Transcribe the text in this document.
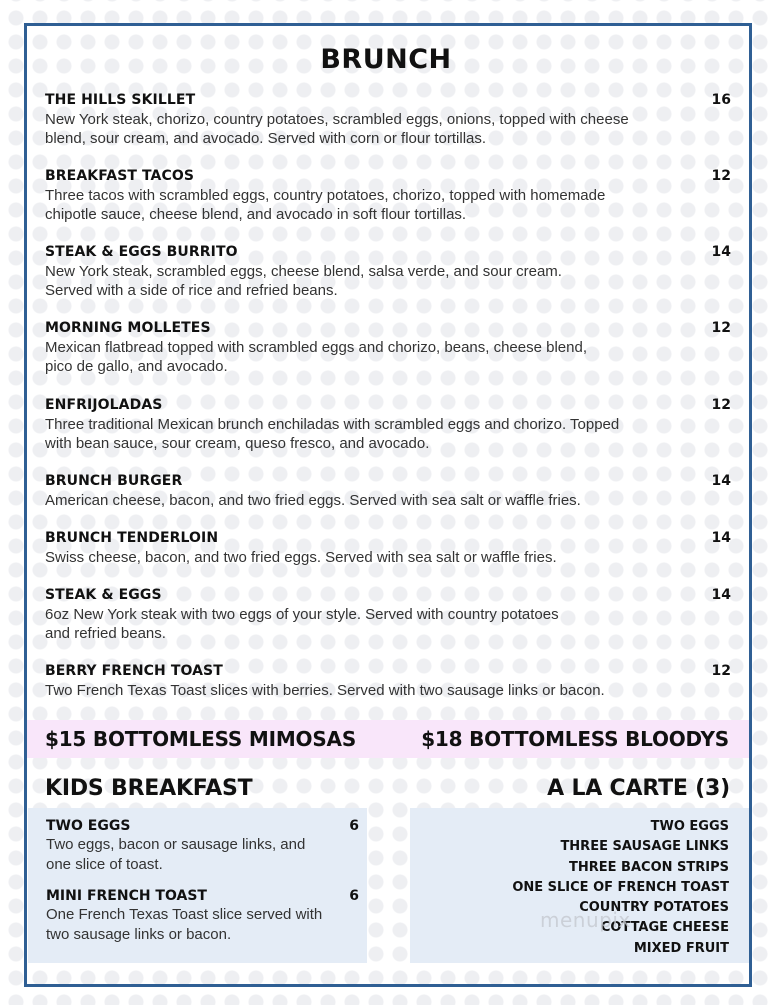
BRUNCH
THE HILLS SKILLET	16
New York steak, chorizo, country potatoes, scrambled eggs, onions, topped with cheese
blend, sour cream, and avocado. Served with corn or flour tortillas.
BREAKFAST TACOS	12
Three tacos with scrambled eggs, country potatoes, chorizo, topped with homemade
chipotle sauce, cheese blend, and avocado in soft flour tortillas.
STEAK & EGGS BURRITO	14
New York steak, scrambled eggs, cheese blend, salsa verde, and sour cream.
Served with a side of rice and refried beans.
MORNING MOLLETES	12
Mexican flatbread topped with scrambled eggs and chorizo, beans, cheese blend,
pico de gallo, and avocado.
ENFRIJOLADAS	12
Three traditional Mexican brunch enchiladas with scrambled eggs and chorizo. Topped
with bean sauce, sour cream, queso fresco, and avocado.
BRUNCH BURGER	14
American cheese, bacon, and two fried eggs. Served with sea salt or waffle fries.
BRUNCH TENDERLOIN	14
Swiss cheese, bacon, and two fried eggs. Served with sea salt or waffle fries.
STEAK & EGGS	14
6oz New York steak with two eggs of your style. Served with country potatoes
and refried beans.
BERRY FRENCH TOAST	12
Two French Texas Toast slices with berries. Served with two sausage links or bacon.
$15 BOTTOMLESS MIMOSAS	$18 BOTTOMLESS BLOODYS
KIDS BREAKFAST	A LA CARTE (3)
TWO EGGS	6
Two eggs, bacon or sausage links, and
one slice of toast.
MINI FRENCH TOAST	6
One French Texas Toast slice served with
two sausage links or bacon.
TWO EGGS
THREE SAUSAGE LINKS
THREE BACON STRIPS
ONE SLICE OF FRENCH TOAST
COUNTRY POTATOES
COTTAGE CHEESE
MIXED FRUIT
menupix
